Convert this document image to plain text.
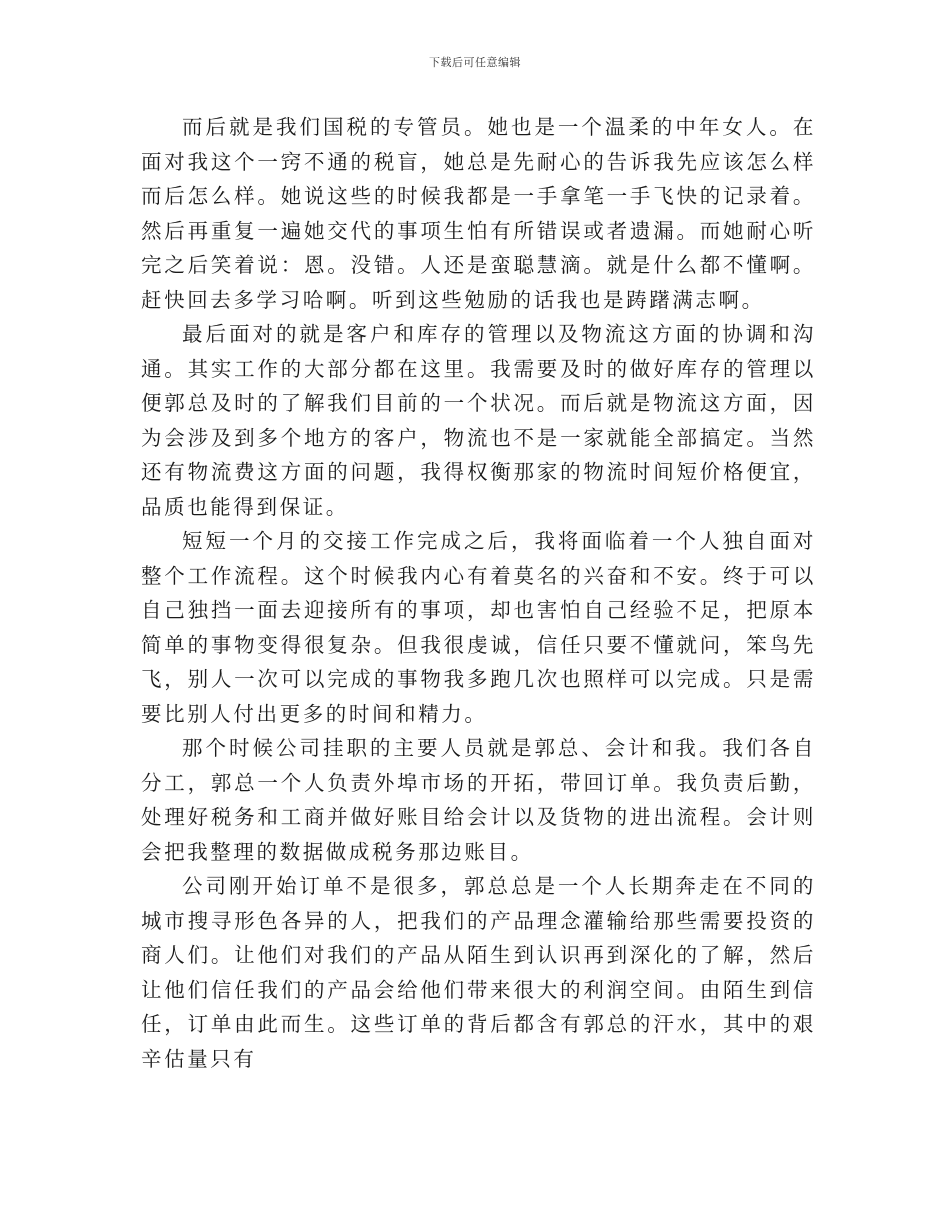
下载后可任意编辑

而后就是我们国税的专管员。她也是一个温柔的中年女人。在面对我这个一窍不通的税盲，她总是先耐心的告诉我先应该怎么样而后怎么样。她说这些的时候我都是一手拿笔一手飞快的记录着。然后再重复一遍她交代的事项生怕有所错误或者遗漏。而她耐心听完之后笑着说：恩。没错。人还是蛮聪慧滴。就是什么都不懂啊。赶快回去多学习哈啊。听到这些勉励的话我也是踌躇满志啊。

最后面对的就是客户和库存的管理以及物流这方面的协调和沟通。其实工作的大部分都在这里。我需要及时的做好库存的管理以便郭总及时的了解我们目前的一个状况。而后就是物流这方面，因为会涉及到多个地方的客户，物流也不是一家就能全部搞定。当然还有物流费这方面的问题，我得权衡那家的物流时间短价格便宜，品质也能得到保证。

短短一个月的交接工作完成之后，我将面临着一个人独自面对整个工作流程。这个时候我内心有着莫名的兴奋和不安。终于可以自己独挡一面去迎接所有的事项，却也害怕自己经验不足，把原本简单的事物变得很复杂。但我很虔诚，信任只要不懂就问，笨鸟先飞，别人一次可以完成的事物我多跑几次也照样可以完成。只是需要比别人付出更多的时间和精力。

那个时候公司挂职的主要人员就是郭总、会计和我。我们各自分工，郭总一个人负责外埠市场的开拓，带回订单。我负责后勤，处理好税务和工商并做好账目给会计以及货物的进出流程。会计则会把我整理的数据做成税务那边账目。

公司刚开始订单不是很多，郭总总是一个人长期奔走在不同的城市搜寻形色各异的人，把我们的产品理念灌输给那些需要投资的商人们。让他们对我们的产品从陌生到认识再到深化的了解，然后让他们信任我们的产品会给他们带来很大的利润空间。由陌生到信任，订单由此而生。这些订单的背后都含有郭总的汗水，其中的艰辛估量只有
